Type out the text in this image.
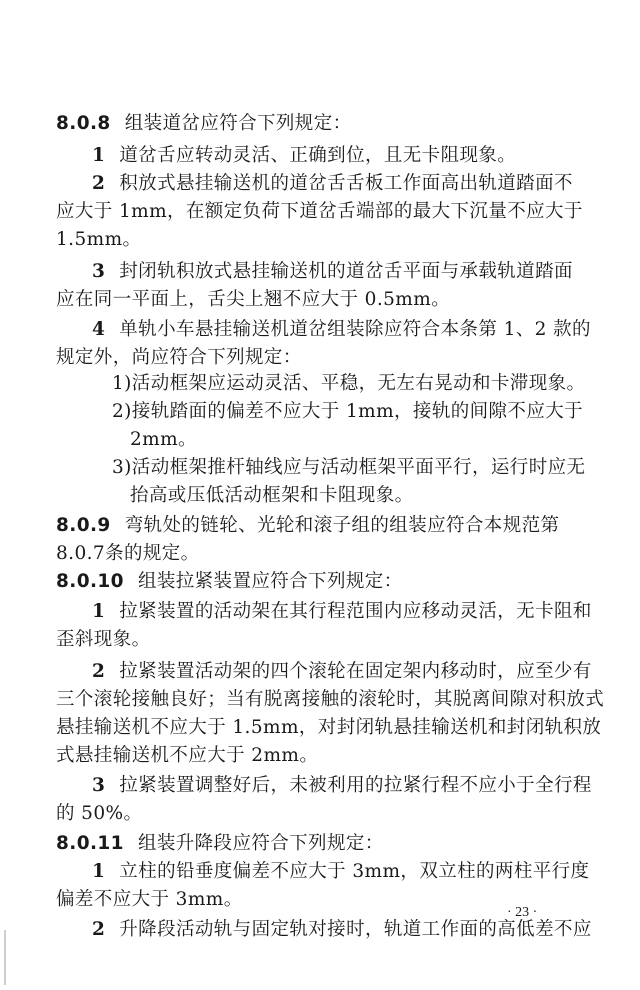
8.0.8 组装道岔应符合下列规定：
1 道岔舌应转动灵活、正确到位，且无卡阻现象。
2 积放式悬挂输送机的道岔舌舌板工作面高出轨道踏面不
应大于 1mm，在额定负荷下道岔舌端部的最大下沉量不应大于
1.5mm。
3 封闭轨积放式悬挂输送机的道岔舌平面与承载轨道踏面
应在同一平面上，舌尖上翘不应大于 0.5mm。
4 单轨小车悬挂输送机道岔组装除应符合本条第 1、2 款的
规定外，尚应符合下列规定：
1)活动框架应运动灵活、平稳，无左右晃动和卡滞现象。
2)接轨踏面的偏差不应大于 1mm，接轨的间隙不应大于
2mm。
3)活动框架推杆轴线应与活动框架平面平行，运行时应无
抬高或压低活动框架和卡阻现象。
8.0.9 弯轨处的链轮、光轮和滚子组的组装应符合本规范第
8.0.7条的规定。
8.0.10 组装拉紧装置应符合下列规定：
1 拉紧装置的活动架在其行程范围内应移动灵活，无卡阻和
歪斜现象。
2 拉紧装置活动架的四个滚轮在固定架内移动时，应至少有
三个滚轮接触良好；当有脱离接触的滚轮时，其脱离间隙对积放式
悬挂输送机不应大于 1.5mm，对封闭轨悬挂输送机和封闭轨积放
式悬挂输送机不应大于 2mm。
3 拉紧装置调整好后，未被利用的拉紧行程不应小于全行程
的 50%。
8.0.11 组装升降段应符合下列规定：
1 立柱的铅垂度偏差不应大于 3mm，双立柱的两柱平行度
偏差不应大于 3mm。
2 升降段活动轨与固定轨对接时，轨道工作面的高低差不应
· 23 ·
